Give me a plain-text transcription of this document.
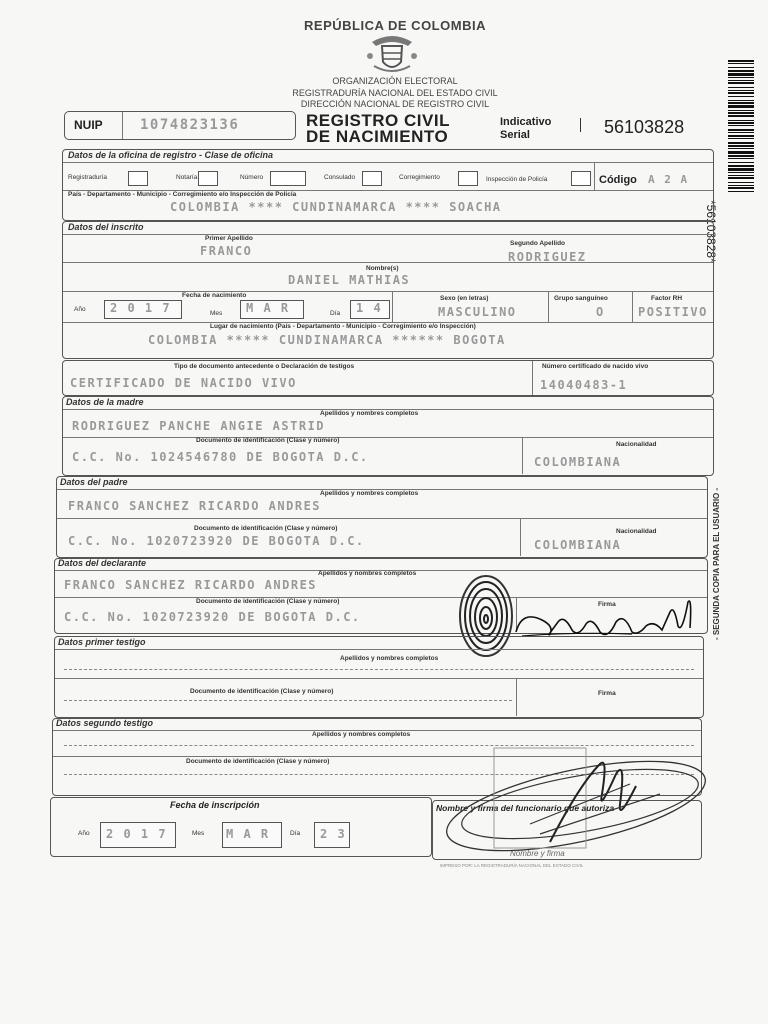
REPÚBLICA DE COLOMBIA
ORGANIZACIÓN ELECTORAL
REGISTRADURÍA NACIONAL DEL ESTADO CIVIL
DIRECCIÓN NACIONAL DE REGISTRO CIVIL
NUIP	1074823136	REGISTRO CIVIL
DE NACIMIENTO
Indicativo
Serial	56103828
*56103828*
- SEGUNDA COPIA PARA EL USUARIO -
Datos de la oficina de registro - Clase de oficina
Registraduría	Notaría	Número	Consulado	Corregimiento	Inspección de Policía	Código A 2 A
País - Departamento - Municipio - Corregimiento e/o Inspección de Policía
COLOMBIA **** CUNDINAMARCA **** SOACHA
Datos del inscrito
Primer Apellido
FRANCO
Segundo Apellido
RODRIGUEZ
Nombre(s)
DANIEL MATHIAS
Fecha de nacimiento
Año 2 0 1 7	Mes M A R	Día 1 4
Sexo (en letras)
MASCULINO
Grupo sanguíneo
O
Factor RH
POSITIVO
Lugar de nacimiento (País - Departamento - Municipio - Corregimiento e/o Inspección)
COLOMBIA ***** CUNDINAMARCA ****** BOGOTA
Tipo de documento antecedente o Declaración de testigos
CERTIFICADO DE NACIDO VIVO
Número certificado de nacido vivo
14040483-1
Datos de la madre
Apellidos y nombres completos
RODRIGUEZ PANCHE ANGIE ASTRID
Documento de identificación (Clase y número)
C.C. No. 1024546780 DE BOGOTA D.C.
Nacionalidad
COLOMBIANA
Datos del padre
Apellidos y nombres completos
FRANCO SANCHEZ RICARDO ANDRES
Documento de identificación (Clase y número)
C.C. No. 1020723920 DE BOGOTA D.C.
Nacionalidad
COLOMBIANA
Datos del declarante
Apellidos y nombres completos
FRANCO SANCHEZ RICARDO ANDRES
Documento de identificación (Clase y número)
C.C. No. 1020723920 DE BOGOTA D.C.
Firma
Datos primer testigo
Apellidos y nombres completos
Documento de identificación (Clase y número)	Firma
Datos segundo testigo
Apellidos y nombres completos
Documento de identificación (Clase y número)
Fecha de inscripción
Año 2 0 1 7	Mes M A R	Día 2 3
Nombre y firma del funcionario que autoriza
Nombre y firma
IMPRESO POR: LA REGISTRADURÍA NACIONAL DEL ESTADO CIVIL
